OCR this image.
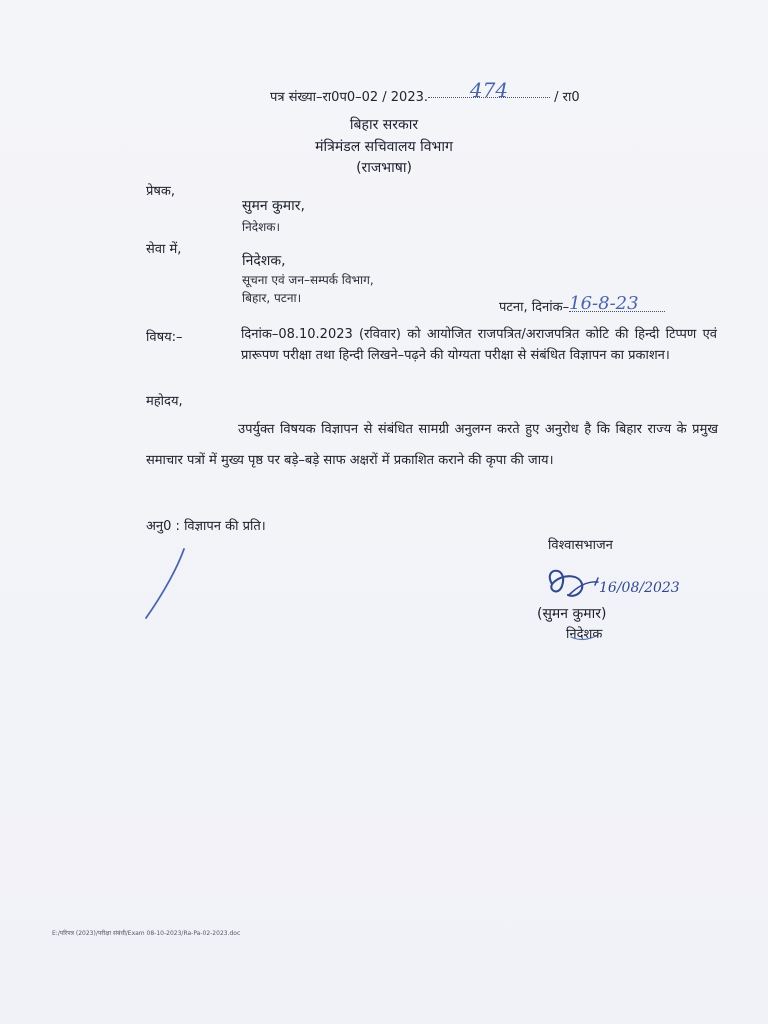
पत्र संख्या–रा0प0–02 / 2023. 474	/ रा0
बिहार सरकार
मंत्रिमंडल सचिवालय विभाग
(राजभाषा)
प्रेषक,
सुमन कुमार,
निदेशक।
सेवा में,
निदेशक,
सूचना एवं जन–सम्पर्क विभाग,
बिहार, पटना।
पटना, दिनांक–16-8-23
विषय:–	दिनांक–08.10.2023 (रविवार) को आयोजित राजपत्रित/अराजपत्रित कोटि की हिन्दी टिप्पण एवं प्रारूपण परीक्षा तथा हिन्दी लिखने–पढ़ने की योग्यता परीक्षा से संबंधित विज्ञापन का प्रकाशन।
महोदय,
उपर्युक्त विषयक विज्ञापन से संबंधित सामग्री अनुलग्न करते हुए अनुरोध है कि बिहार राज्य के प्रमुख समाचार पत्रों में मुख्य पृष्ठ पर बड़े–बड़े साफ अक्षरों में प्रकाशित कराने की कृपा की जाय।
अनु0 : विज्ञापन की प्रति।
विश्वासभाजन
16/08/2023
(सुमन कुमार)
निदेशक
E:/परिपत्र (2023)/परीक्षा संबंधी/Exam 08-10-2023/Ra-Pa-02-2023.doc
